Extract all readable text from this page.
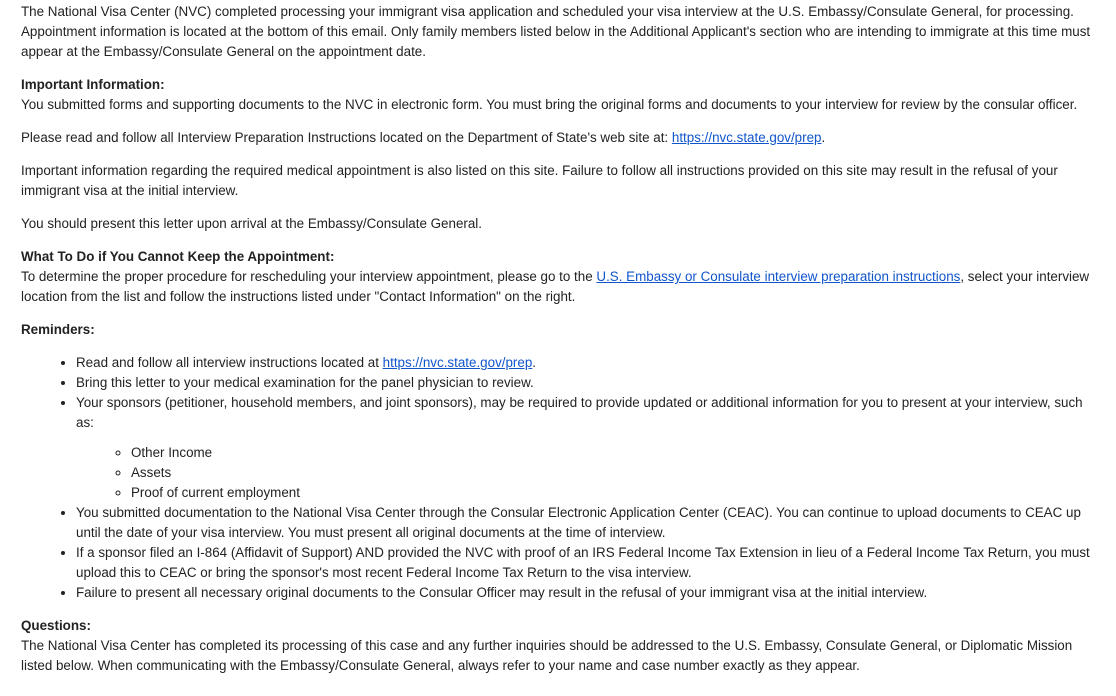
The National Visa Center (NVC) completed processing your immigrant visa application and scheduled your visa interview at the U.S. Embassy/Consulate General, for processing. Appointment information is located at the bottom of this email. Only family members listed below in the Additional Applicant's section who are intending to immigrate at this time must appear at the Embassy/Consulate General on the appointment date.

Important Information:
You submitted forms and supporting documents to the NVC in electronic form. You must bring the original forms and documents to your interview for review by the consular officer.

Please read and follow all Interview Preparation Instructions located on the Department of State's web site at: https://nvc.state.gov/prep.

Important information regarding the required medical appointment is also listed on this site. Failure to follow all instructions provided on this site may result in the refusal of your immigrant visa at the initial interview.

You should present this letter upon arrival at the Embassy/Consulate General.

What To Do if You Cannot Keep the Appointment:
To determine the proper procedure for rescheduling your interview appointment, please go to the U.S. Embassy or Consulate interview preparation instructions, select your interview location from the list and follow the instructions listed under "Contact Information" on the right.

Reminders:

• Read and follow all interview instructions located at https://nvc.state.gov/prep.
• Bring this letter to your medical examination for the panel physician to review.
• Your sponsors (petitioner, household members, and joint sponsors), may be required to provide updated or additional information for you to present at your interview, such as:
◦ Other Income
◦ Assets
◦ Proof of current employment
• You submitted documentation to the National Visa Center through the Consular Electronic Application Center (CEAC). You can continue to upload documents to CEAC up until the date of your visa interview. You must present all original documents at the time of interview.
• If a sponsor filed an I-864 (Affidavit of Support) AND provided the NVC with proof of an IRS Federal Income Tax Extension in lieu of a Federal Income Tax Return, you must upload this to CEAC or bring the sponsor's most recent Federal Income Tax Return to the visa interview.
• Failure to present all necessary original documents to the Consular Officer may result in the refusal of your immigrant visa at the initial interview.

Questions:
The National Visa Center has completed its processing of this case and any further inquiries should be addressed to the U.S. Embassy, Consulate General, or Diplomatic Mission listed below. When communicating with the Embassy/Consulate General, always refer to your name and case number exactly as they appear.
